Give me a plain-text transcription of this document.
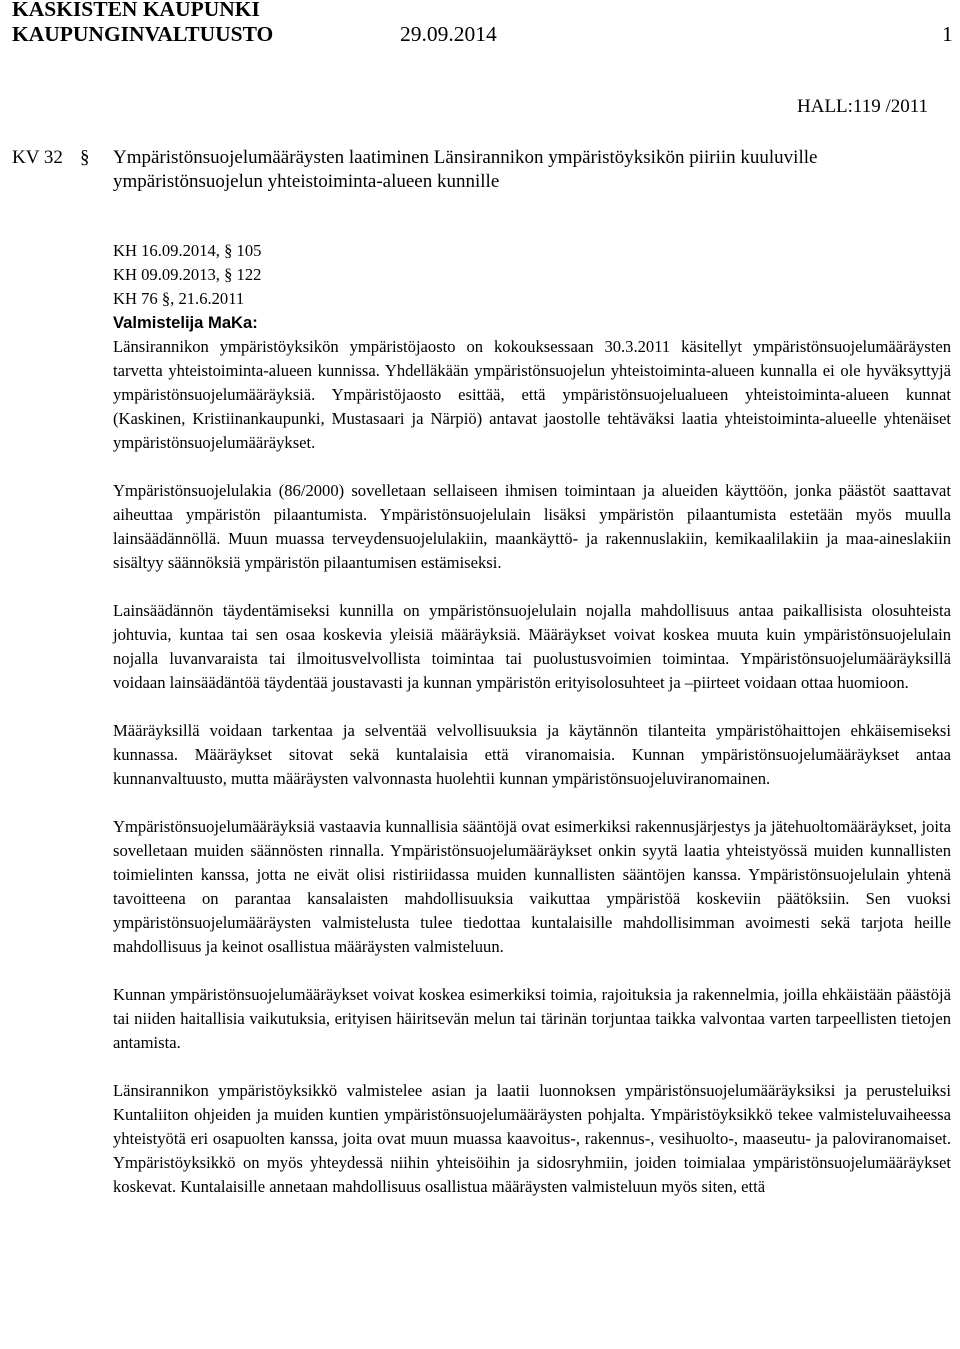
KASKISTEN KAUPUNKI
KAUPUNGINVALTUUSTO	29.09.2014	1
HALL:119 /2011
KV 32 § Ympäristönsuojelumääräysten laatiminen Länsirannikon ympäristöyksikön piiriin kuuluville
ympäristönsuojelun yhteistoiminta-alueen kunnille
KH 16.09.2014, § 105
KH 09.09.2013, § 122
KH 76 §, 21.6.2011
Valmistelija MaKa:

Länsirannikon ympäristöyksikön ympäristöjaosto on kokouksessaan 30.3.2011 käsitellyt ympäristönsuojelumääräysten tarvetta yhteistoiminta-alueen kunnissa. Yhdelläkään ympäristönsuojelun yhteistoiminta-alueen kunnalla ei ole hyväksyttyjä ympäristönsuojelumääräyksiä. Ympäristöjaosto esittää, että ympäristönsuojelualueen yhteistoiminta-alueen kunnat (Kaskinen, Kristiinankaupunki, Mustasaari ja Närpiö) antavat jaostolle tehtäväksi laatia yhteistoiminta-alueelle yhtenäiset ympäristönsuojelumääräykset.

Ympäristönsuojelulakia (86/2000) sovelletaan sellaiseen ihmisen toimintaan ja alueiden käyttöön, jonka päästöt saattavat aiheuttaa ympäristön pilaantumista. Ympäristönsuojelulain lisäksi ympäristön pilaantumista estetään myös muulla lainsäädännöllä. Muun muassa terveydensuojelulakiin, maankäyttö- ja rakennuslakiin, kemikaalilakiin ja maa-aineslakiin sisältyy säännöksiä ympäristön pilaantumisen estämiseksi.

Lainsäädännön täydentämiseksi kunnilla on ympäristönsuojelulain nojalla mahdollisuus antaa paikallisista olosuhteista johtuvia, kuntaa tai sen osaa koskevia yleisiä määräyksiä. Määräykset voivat koskea muuta kuin ympäristönsuojelulain nojalla luvanvaraista tai ilmoitusvelvollista toimintaa tai puolustusvoimien toimintaa. Ympäristönsuojelumääräyksillä voidaan lainsäädäntöä täydentää joustavasti ja kunnan ympäristön erityisolosuhteet ja –piirteet voidaan ottaa huomioon.

Määräyksillä voidaan tarkentaa ja selventää velvollisuuksia ja käytännön tilanteita ympäristöhaittojen ehkäisemiseksi kunnassa. Määräykset sitovat sekä kuntalaisia että viranomaisia. Kunnan ympäristönsuojelumääräykset antaa kunnanvaltuusto, mutta määräysten valvonnasta huolehtii kunnan ympäristönsuojeluviranomainen.

Ympäristönsuojelumääräyksiä vastaavia kunnallisia sääntöjä ovat esimerkiksi rakennusjärjestys ja jätehuoltomääräykset, joita sovelletaan muiden säännösten rinnalla. Ympäristönsuojelumääräykset onkin syytä laatia yhteistyössä muiden kunnallisten toimielinten kanssa, jotta ne eivät olisi ristiriidassa muiden kunnallisten sääntöjen kanssa. Ympäristönsuojelulain yhtenä tavoitteena on parantaa kansalaisten mahdollisuuksia vaikuttaa ympäristöä koskeviin päätöksiin. Sen vuoksi ympäristönsuojelumääräysten valmistelusta tulee tiedottaa kuntalaisille mahdollisimman avoimesti sekä tarjota heille mahdollisuus ja keinot osallistua määräysten valmisteluun.

Kunnan ympäristönsuojelumääräykset voivat koskea esimerkiksi toimia, rajoituksia ja rakennelmia, joilla ehkäistään päästöjä tai niiden haitallisia vaikutuksia, erityisen häiritsevän melun tai tärinän torjuntaa taikka valvontaa varten tarpeellisten tietojen antamista.

Länsirannikon ympäristöyksikkö valmistelee asian ja laatii luonnoksen ympäristönsuojelumääräyksiksi ja perusteluiksi Kuntaliiton ohjeiden ja muiden kuntien ympäristönsuojelumääräysten pohjalta. Ympäristöyksikkö tekee valmisteluvaiheessa yhteistyötä eri osapuolten kanssa, joita ovat muun muassa kaavoitus-, rakennus-, vesihuolto-, maaseutu- ja paloviranomaiset. Ympäristöyksikkö on myös yhteydessä niihin yhteisöihin ja sidosryhmiin, joiden toimialaa ympäristönsuojelumääräykset koskevat. Kuntalaisille annetaan mahdollisuus osallistua määräysten valmisteluun myös siten, että
